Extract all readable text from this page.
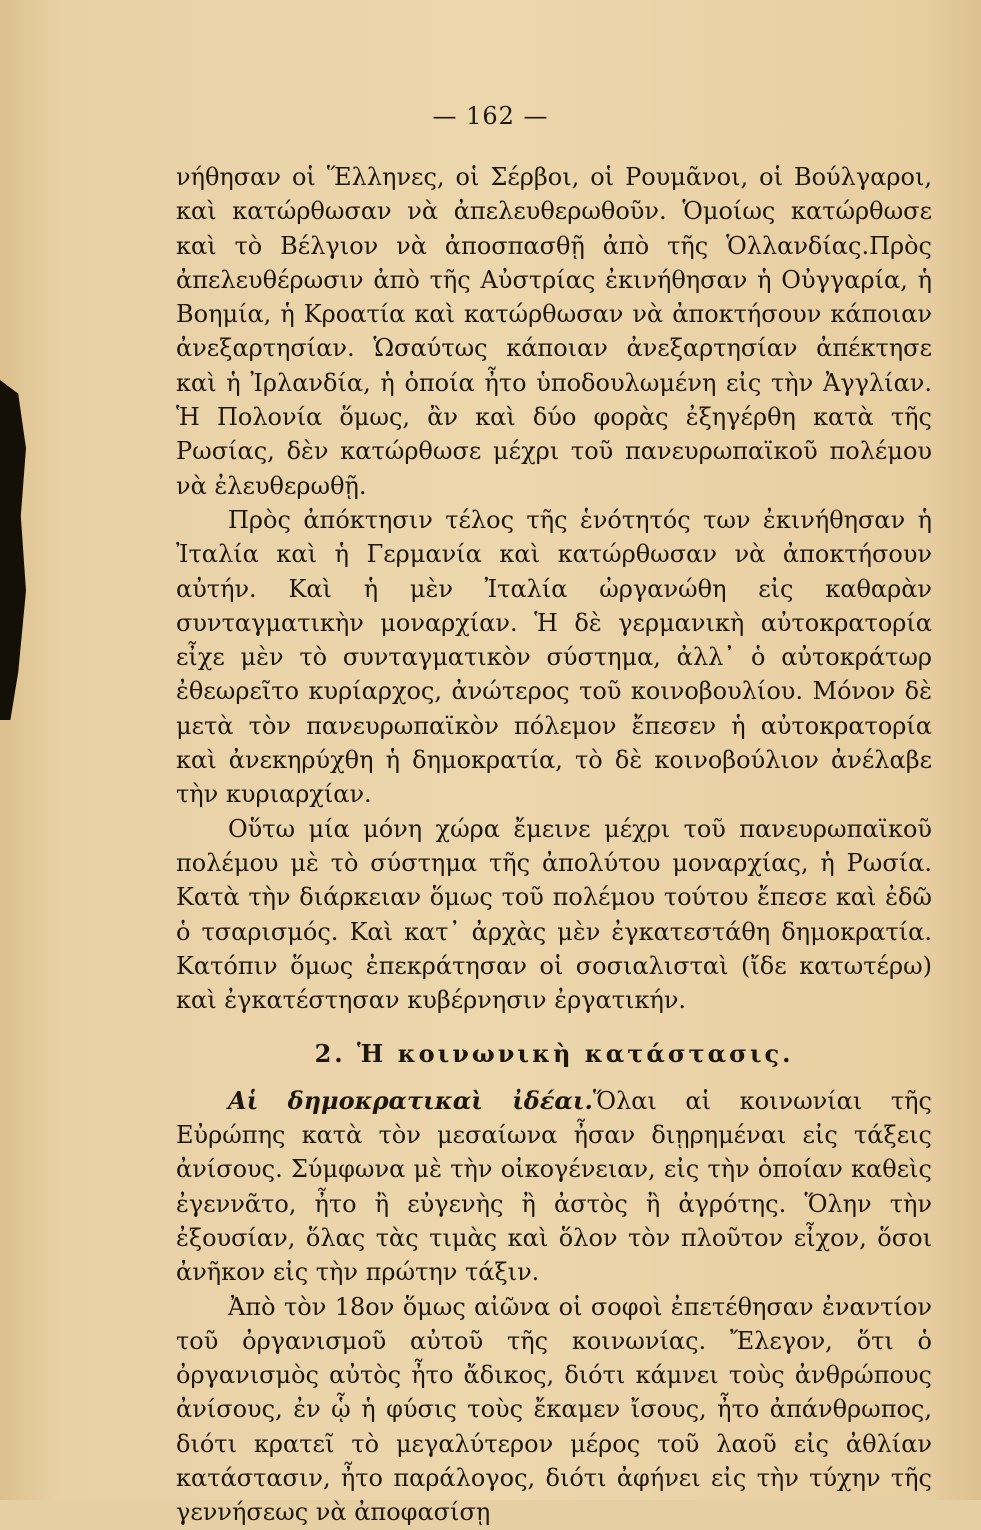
— 162 —

νήθησαν οἱ Ἕλληνες, οἱ Σέρβοι, οἱ Ρουμᾶνοι, οἱ Βούλγαροι, καὶ κατώρθωσαν νὰ ἀπελευθερωθοῦν. Ὁμοίως κατώρθωσε καὶ τὸ Βέλγιον νὰ ἀποσπασθῇ ἀπὸ τῆς Ὁλλανδίας.Πρὸς ἀπελευθέρωσιν ἀπὸ τῆς Αὐστρίας ἐκινήθησαν ἡ Οὐγγαρία, ἡ Βοημία, ἡ Κροατία καὶ κατώρθωσαν νὰ ἀποκτήσουν κάποιαν ἀνεξαρτησίαν. Ὡσαύτως κάποιαν ἀνεξαρτησίαν ἀπέκτησε καὶ ἡ Ἰρλανδία, ἡ ὁποία ἦτο ὑποδουλωμένη εἰς τὴν Ἀγγλίαν. Ἡ Πολονία ὅμως, ἂν καὶ δύο φορὰς ἐξηγέρθη κατὰ τῆς Ρωσίας, δὲν κατώρθωσε μέχρι τοῦ πανευρωπαϊκοῦ πολέμου νὰ ἐλευθερωθῇ.

Πρὸς ἀπόκτησιν τέλος τῆς ἑνότητός των ἐκινήθησαν ἡ Ἰταλία καὶ ἡ Γερμανία καὶ κατώρθωσαν νὰ ἀποκτήσουν αὐτήν. Καὶ ἡ μὲν Ἰταλία ὠργανώθη εἰς καθαρὰν συνταγματικὴν μοναρχίαν. Ἡ δὲ γερμανικὴ αὐτοκρατορία εἶχε μὲν τὸ συνταγματικὸν σύστημα, ἀλλ᾽ ὁ αὐτοκράτωρ ἐθεωρεῖτο κυρίαρχος, ἀνώτερος τοῦ κοινοβουλίου. Μόνον δὲ μετὰ τὸν πανευρωπαϊκὸν πόλεμον ἔπεσεν ἡ αὐτοκρατορία καὶ ἀνεκηρύχθη ἡ δημοκρατία, τὸ δὲ κοινοβούλιον ἀνέλαβε τὴν κυριαρχίαν.

Οὕτω μία μόνη χώρα ἔμεινε μέχρι τοῦ πανευρωπαϊκοῦ πολέμου μὲ τὸ σύστημα τῆς ἀπολύτου μοναρχίας, ἡ Ρωσία. Κατὰ τὴν διάρκειαν ὅμως τοῦ πολέμου τούτου ἔπεσε καὶ ἐδῶ ὁ τσαρισμός. Καὶ κατ᾽ ἀρχὰς μὲν ἐγκατεστάθη δημοκρατία. Κατόπιν ὅμως ἐπεκράτησαν οἱ σοσιαλισταὶ (ἴδε κατωτέρω) καὶ ἐγκατέστησαν κυβέρνησιν ἐργατικήν.

2. Ἡ κοινωνικὴ κατάστασις.

Αἱ δημοκρατικαὶ ἰδέαι.Ὅλαι αἱ κοινωνίαι τῆς Εὐρώπης κατὰ τὸν μεσαίωνα ἦσαν διῃρημέναι εἰς τάξεις ἀνίσους. Σύμφωνα μὲ τὴν οἰκογένειαν, εἰς τὴν ὁποίαν καθεὶς ἐγεννᾶτο, ἦτο ἢ εὐγενὴς ἢ ἀστὸς ἢ ἀγρότης. Ὅλην τὴν ἐξουσίαν, ὅλας τὰς τιμὰς καὶ ὅλον τὸν πλοῦτον εἶχον, ὅσοι ἀνῆκον εἰς τὴν πρώτην τάξιν.

Ἀπὸ τὸν 18ον ὅμως αἰῶνα οἱ σοφοὶ ἐπετέθησαν ἐναντίον τοῦ ὀργανισμοῦ αὐτοῦ τῆς κοινωνίας. Ἔλεγον, ὅτι ὁ ὀργανισμὸς αὐτὸς ἦτο ἄδικος, διότι κάμνει τοὺς ἀνθρώπους ἀνίσους, ἐν ᾧ ἡ φύσις τοὺς ἔκαμεν ἴσους, ἦτο ἀπάνθρωπος, διότι κρατεῖ τὸ μεγαλύτερον μέρος τοῦ λαοῦ εἰς ἀθλίαν κατάστασιν, ἦτο παράλογος, διότι ἀφήνει εἰς τὴν τύχην τῆς γεννήσεως νὰ ἀποφασίσῃ
